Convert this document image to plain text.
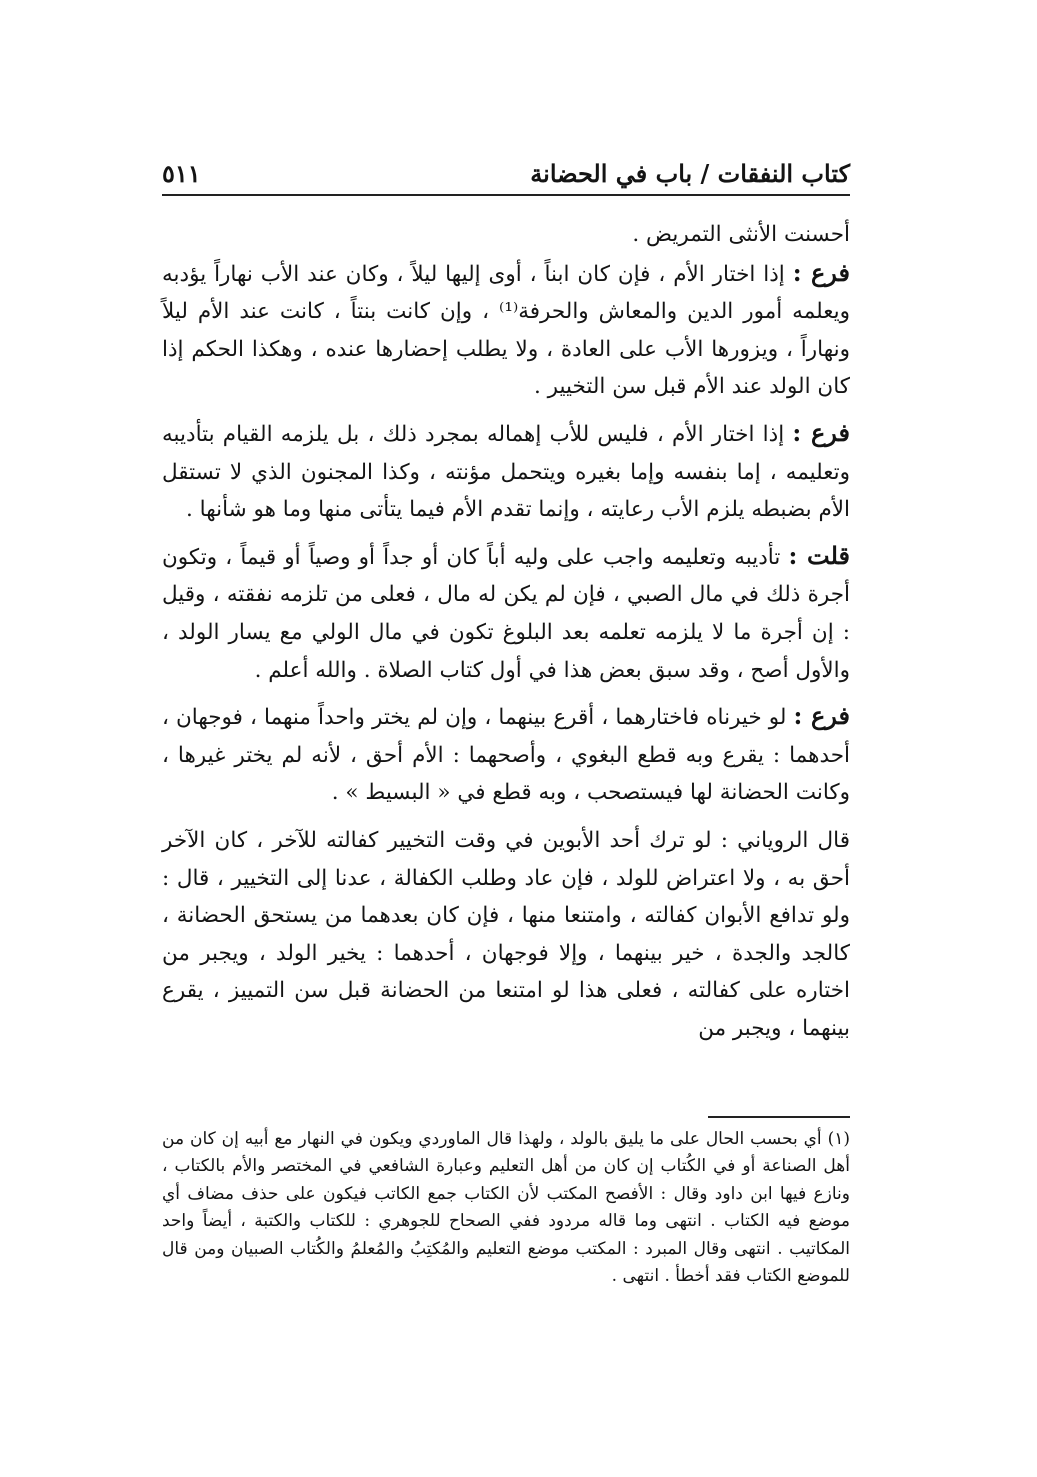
كتاب النفقات / باب في الحضانة
٥١١

أحسنت الأنثى التمريض .

فرع : إذا اختار الأم ، فإن كان ابناً ، أوى إليها ليلاً ، وكان عند الأب نهاراً يؤدبه ويعلمه أمور الدين والمعاش والحرفة⁽¹⁾ ، وإن كانت بنتاً ، كانت عند الأم ليلاً ونهاراً ، ويزورها الأب على العادة ، ولا يطلب إحضارها عنده ، وهكذا الحكم إذا كان الولد عند الأم قبل سن التخيير .

فرع : إذا اختار الأم ، فليس للأب إهماله بمجرد ذلك ، بل يلزمه القيام بتأديبه وتعليمه ، إما بنفسه وإما بغيره ويتحمل مؤنته ، وكذا المجنون الذي لا تستقل الأم بضبطه يلزم الأب رعايته ، وإنما تقدم الأم فيما يتأتى منها وما هو شأنها .

قلت : تأديبه وتعليمه واجب على وليه أباً كان أو جداً أو وصياً أو قيماً ، وتكون أجرة ذلك في مال الصبي ، فإن لم يكن له مال ، فعلى من تلزمه نفقته ، وقيل : إن أجرة ما لا يلزمه تعلمه بعد البلوغ تكون في مال الولي مع يسار الولد ، والأول أصح ، وقد سبق بعض هذا في أول كتاب الصلاة . والله أعلم .

فرع : لو خيرناه فاختارهما ، أقرع بينهما ، وإن لم يختر واحداً منهما ، فوجهان ، أحدهما : يقرع وبه قطع البغوي ، وأصحهما : الأم أحق ، لأنه لم يختر غيرها ، وكانت الحضانة لها فيستصحب ، وبه قطع في « البسيط » .

قال الروياني : لو ترك أحد الأبوين في وقت التخيير كفالته للآخر ، كان الآخر أحق به ، ولا اعتراض للولد ، فإن عاد وطلب الكفالة ، عدنا إلى التخيير ، قال : ولو تدافع الأبوان كفالته ، وامتنعا منها ، فإن كان بعدهما من يستحق الحضانة ، كالجد والجدة ، خير بينهما ، وإلا فوجهان ، أحدهما : يخير الولد ، ويجبر من اختاره على كفالته ، فعلى هذا لو امتنعا من الحضانة قبل سن التمييز ، يقرع بينهما ، ويجبر من

(١) أي بحسب الحال على ما يليق بالولد ، ولهذا قال الماوردي ويكون في النهار مع أبيه إن كان من أهل الصناعة أو في الكُتاب إن كان من أهل التعليم وعبارة الشافعي في المختصر والأم بالكتاب ، ونازع فيها ابن داود وقال : الأفصح المكتب لأن الكتاب جمع الكاتب فيكون على حذف مضاف أي موضع فيه الكتاب . انتهى وما قاله مردود ففي الصحاح للجوهري : للكتاب والكتبة ، أيضاً واحد المكاتيب . انتهى وقال المبرد : المكتب موضع التعليم والمُكتِبُ والمُعلمُ والكُتاب الصبيان ومن قال للموضع الكتاب فقد أخطأ . انتهى .
